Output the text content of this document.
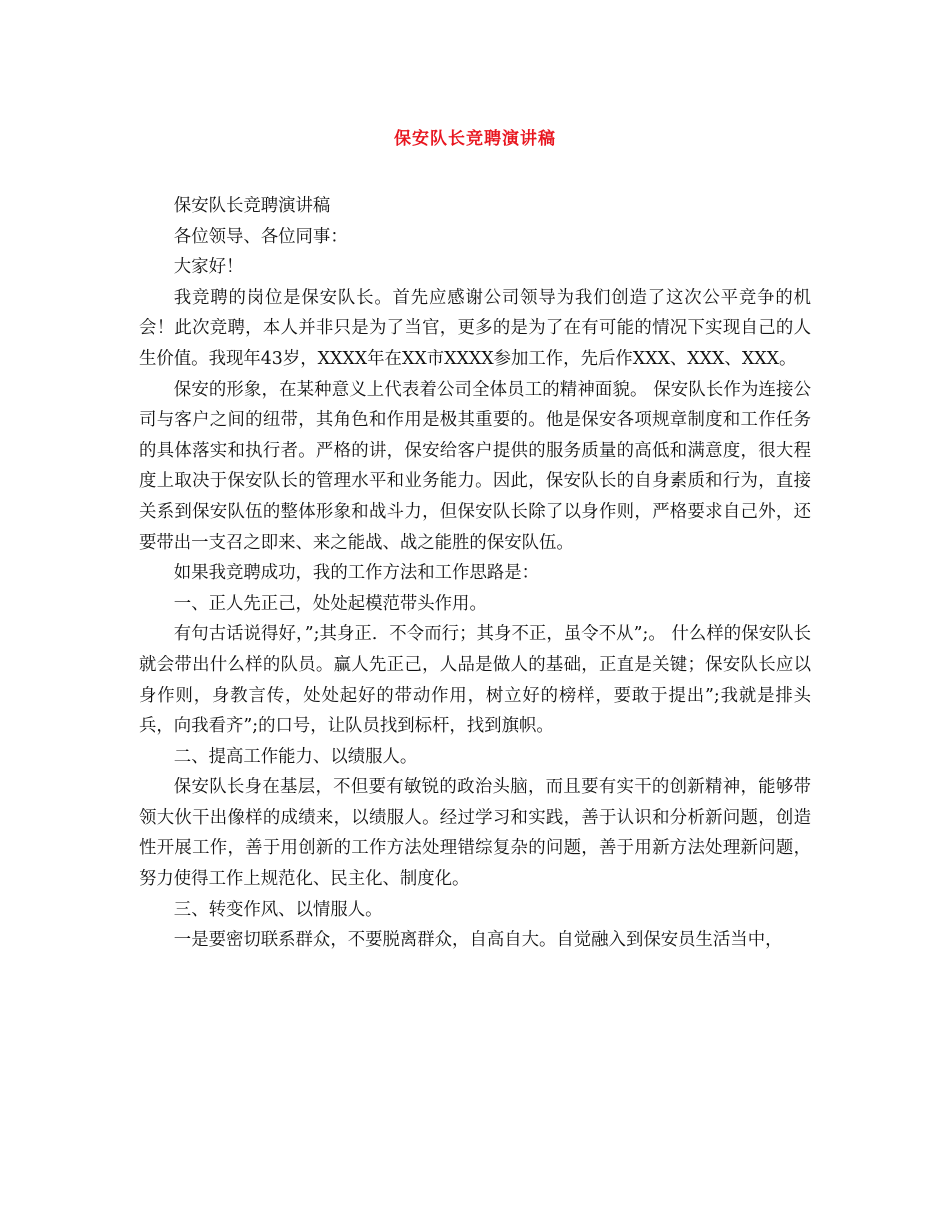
保安队长竞聘演讲稿

保安队长竞聘演讲稿

各位领导、各位同事：

大家好！

我竞聘的岗位是保安队长。首先应感谢公司领导为我们创造了这次公平竞争的机会！此次竞聘，本人并非只是为了当官，更多的是为了在有可能的情况下实现自己的人生价值。我现年43岁，XXXX年在XX市XXXX参加工作，先后作XXX、XXX、XXX。

保安的形象，在某种意义上代表着公司全体员工的精神面貌。 保安队长作为连接公司与客户之间的纽带，其角色和作用是极其重要的。他是保安各项规章制度和工作任务的具体落实和执行者。严格的讲，保安给客户提供的服务质量的高低和满意度，很大程度上取决于保安队长的管理水平和业务能力。因此，保安队长的自身素质和行为，直接关系到保安队伍的整体形象和战斗力，但保安队长除了以身作则，严格要求自己外，还要带出一支召之即来、来之能战、战之能胜的保安队伍。

如果我竞聘成功，我的工作方法和工作思路是：

一、正人先正己，处处起模范带头作用。

有句古话说得好，”;其身正．不令而行；其身不正，虽令不从”;。 什么样的保安队长就会带出什么样的队员。赢人先正己，人品是做人的基础，正直是关键；保安队长应以身作则，身教言传，处处起好的带动作用，树立好的榜样，要敢于提出”;我就是排头兵，向我看齐”;的口号，让队员找到标杆，找到旗帜。

二、提高工作能力、以绩服人。

保安队长身在基层，不但要有敏锐的政治头脑，而且要有实干的创新精神，能够带领大伙干出像样的成绩来，以绩服人。经过学习和实践，善于认识和分析新问题，创造性开展工作，善于用创新的工作方法处理错综复杂的问题，善于用新方法处理新问题，努力使得工作上规范化、民主化、制度化。

三、转变作风、以情服人。

一是要密切联系群众，不要脱离群众，自高自大。自觉融入到保安员生活当中，
